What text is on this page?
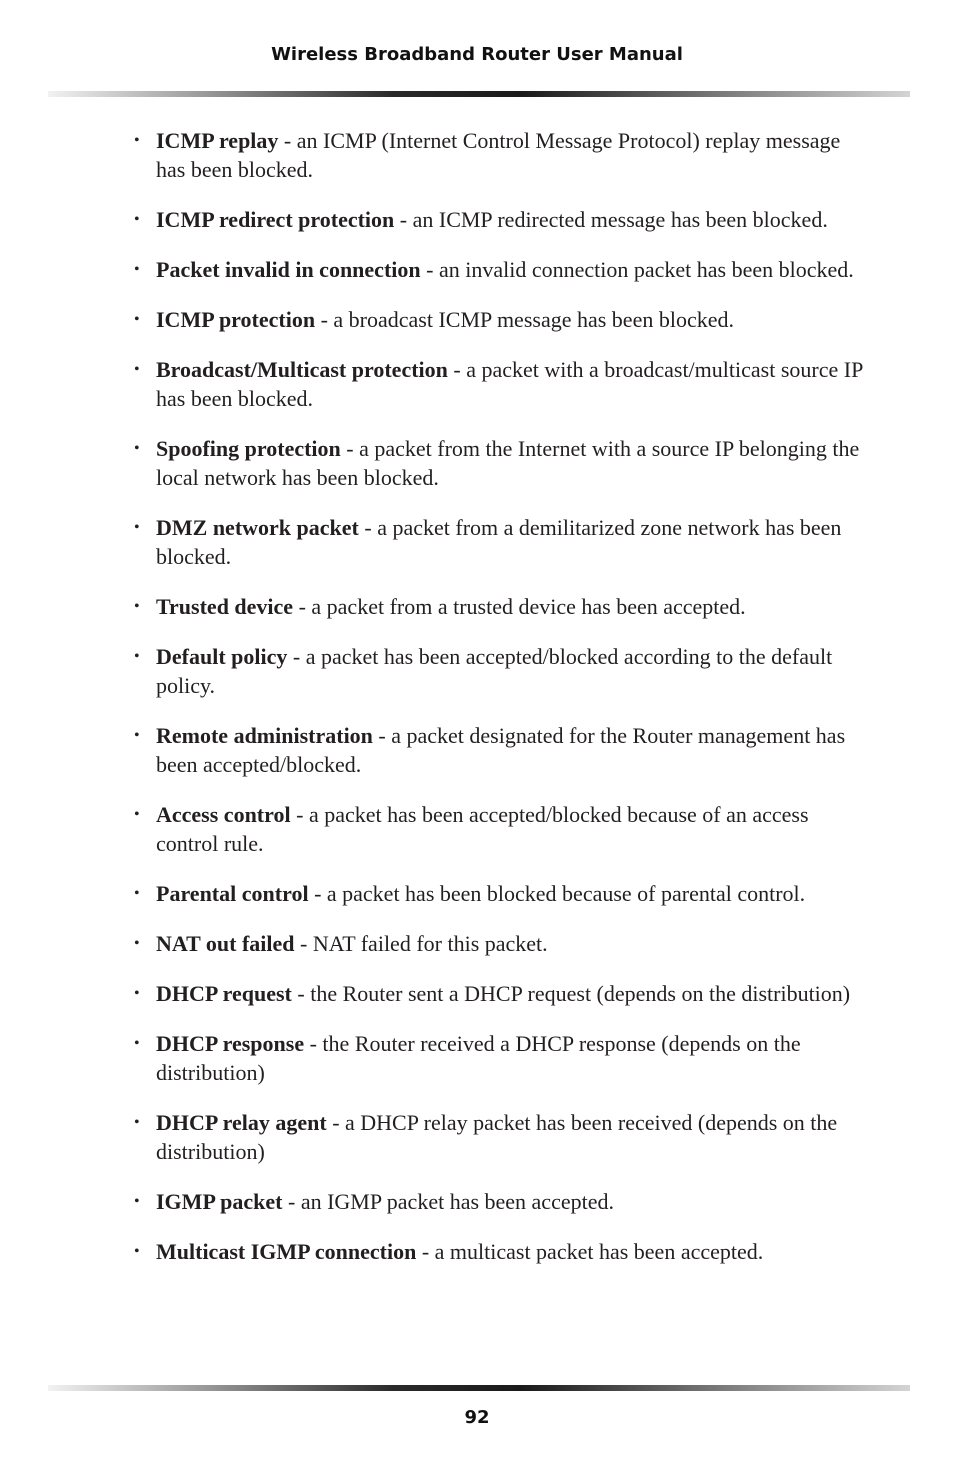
Wireless Broadband Router User Manual
• ICMP replay - an ICMP (Internet Control Message Protocol) replay message has been blocked.
• ICMP redirect protection - an ICMP redirected message has been blocked.
• Packet invalid in connection - an invalid connection packet has been blocked.
• ICMP protection - a broadcast ICMP message has been blocked.
• Broadcast/Multicast protection - a packet with a broadcast/multicast source IP has been blocked.
• Spoofing protection - a packet from the Internet with a source IP belonging the local network has been blocked.
• DMZ network packet - a packet from a demilitarized zone network has been blocked.
• Trusted device - a packet from a trusted device has been accepted.
• Default policy - a packet has been accepted/blocked according to the default policy.
• Remote administration - a packet designated for the Router management has been accepted/blocked.
• Access control - a packet has been accepted/blocked because of an access control rule.
• Parental control - a packet has been blocked because of parental control.
• NAT out failed - NAT failed for this packet.
• DHCP request - the Router sent a DHCP request (depends on the distribution)
• DHCP response - the Router received a DHCP response (depends on the distribution)
• DHCP relay agent - a DHCP relay packet has been received (depends on the distribution)
• IGMP packet - an IGMP packet has been accepted.
• Multicast IGMP connection - a multicast packet has been accepted.
92
